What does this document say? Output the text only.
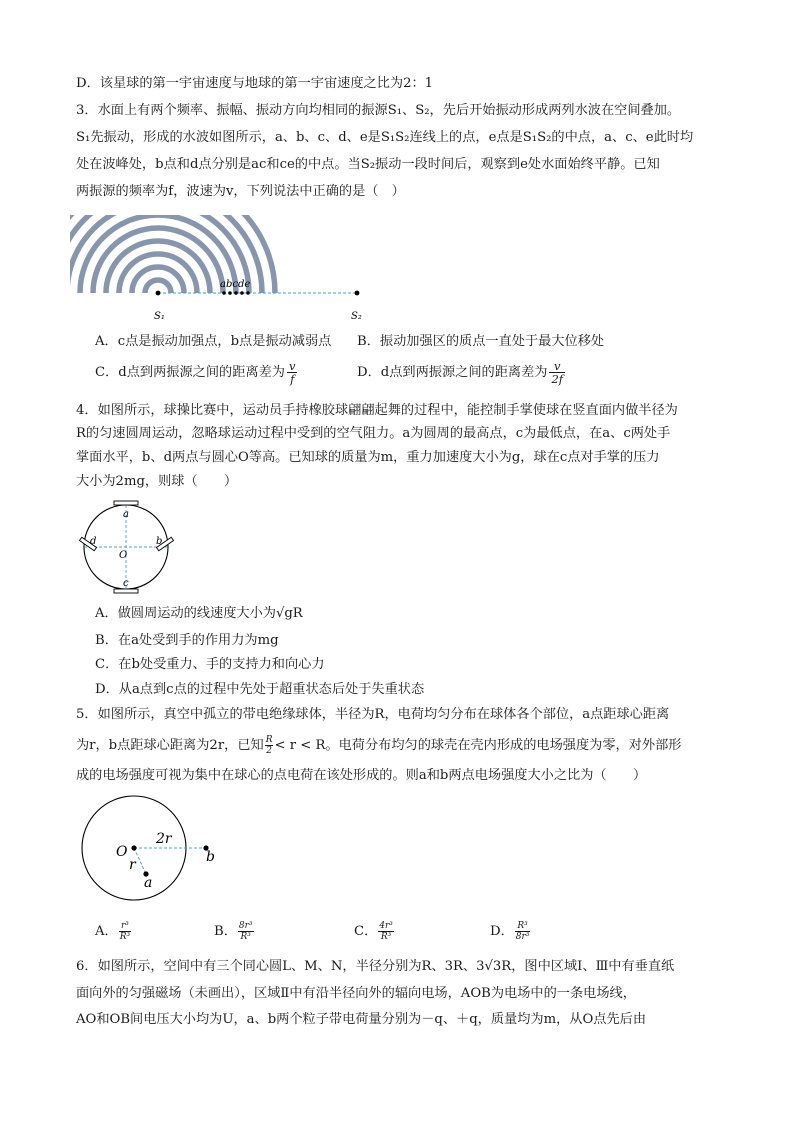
D．该星球的第一宇宙速度与地球的第一宇宙速度之比为2：1
3．水面上有两个频率、振幅、振动方向均相同的振源S₁、S₂，先后开始振动形成两列水波在空间叠加。
S₁先振动，形成的水波如图所示，a、b、c、d、e是S₁S₂连线上的点，e点是S₁S₂的中点，a、c、e此时均
处在波峰处，b点和d点分别是ac和ce的中点。当S₂振动一段时间后，观察到e处水面始终平静。已知
两振源的频率为f，波速为v，下列说法中正确的是（　）
abcde
S₁	S₂
A．c点是振动加强点，b点是振动减弱点 B．振动加强区的质点一直处于最大位移处
C．d点到两振源之间的距离差为 $\frac{v}{f}$	D．d点到两振源之间的距离差为 $\frac{v}{2f}$
4．如图所示，球操比赛中，运动员手持橡胶球翩翩起舞的过程中，能控制手掌使球在竖直面内做半径为
R的匀速圆周运动，忽略球运动过程中受到的空气阻力。a为圆周的最高点，c为最低点，在a、c两处手
掌面水平，b、d两点与圆心O等高。已知球的质量为m，重力加速度大小为g，球在c点对手掌的压力
大小为2mg，则球（　　）
a
c
d	b
O
A．做圆周运动的线速度大小为√gR
B．在a处受到手的作用力为mg
C．在b处受重力、手的支持力和向心力
D．从a点到c点的过程中先处于超重状态后处于失重状态
5．如图所示，真空中孤立的带电绝缘球体，半径为R，电荷均匀分布在球体各个部位，a点距球心距离
为r，b点距球心距离为2r，已知 $\frac{R}{2} < r < R$。电荷分布均匀的球壳在壳内形成的电场强度为零，对外部形
成的电场强度可视为集中在球心的点电荷在该处形成的。则a和b两点电场强度大小之比为（　　）
O
2r
b
r
a
A． $\frac{\text{r³}}{\text{R³}}$	B． $\frac{\text{8r³}}{\text{R³}}$	C． $\frac{\text{4r³}}{\text{R³}}$	D． $\frac{\text{R³}}{\text{8r³}}$
6．如图所示，空间中有三个同心圆L、M、N，半径分别为R、3R、3√3R，图中区域Ⅰ、Ⅲ中有垂直纸
面向外的匀强磁场（未画出），区域Ⅱ中有沿半径向外的辐向电场，AOB为电场中的一条电场线，
AO和OB间电压大小均为U，a、b两个粒子带电荷量分别为－q、＋q，质量均为m，从O点先后由
